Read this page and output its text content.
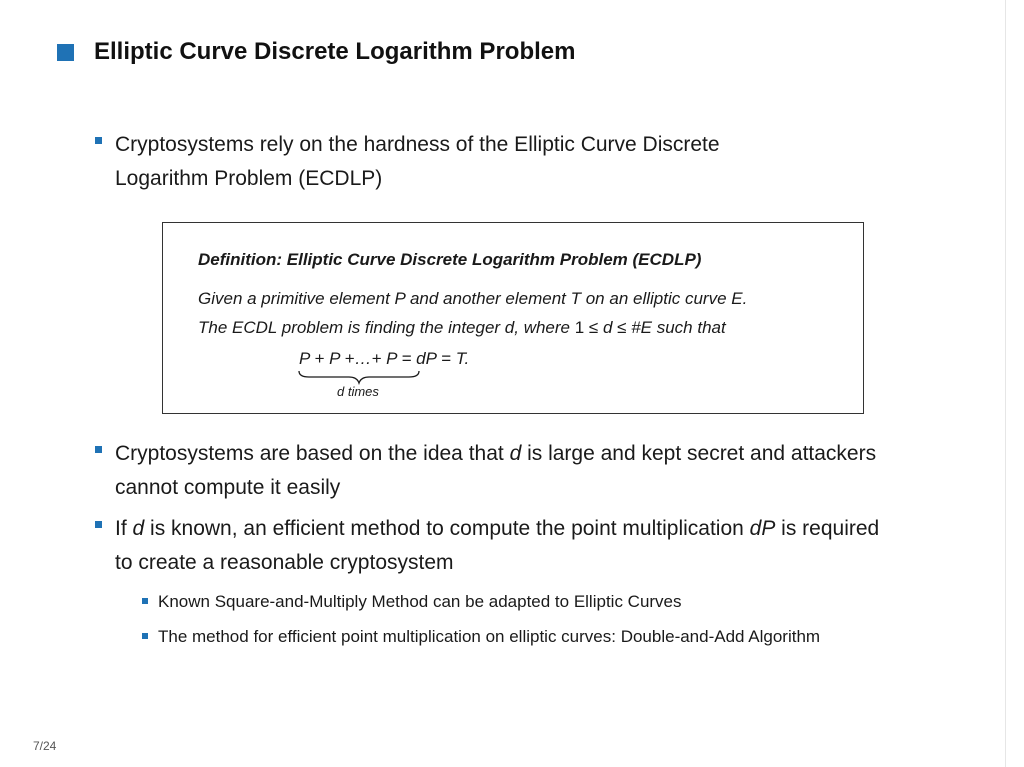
Elliptic Curve Discrete Logarithm Problem
Cryptosystems rely on the hardness of the Elliptic Curve Discrete
Logarithm Problem (ECDLP)
Definition: Elliptic Curve Discrete Logarithm Problem (ECDLP)
Given a primitive element P and another element T on an elliptic curve E.
The ECDL problem is finding the integer d, where 1 ≤ d ≤ #E such that
P + P +…+ P = dP = T.
d times
Cryptosystems are based on the idea that d is large and kept secret and attackers
cannot compute it easily
If d is known, an efficient method to compute the point multiplication dP is required
to create a reasonable cryptosystem
Known Square-and-Multiply Method can be adapted to Elliptic Curves
The method for efficient point multiplication on elliptic curves: Double-and-Add Algorithm
7/24
